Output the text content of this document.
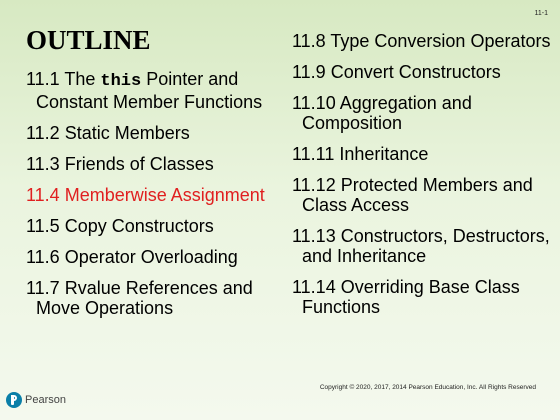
11-1
OUTLINE
11.1 The this Pointer and Constant Member Functions
11.2 Static Members
11.3 Friends of Classes
11.4 Memberwise Assignment
11.5 Copy Constructors
11.6 Operator Overloading
11.7 Rvalue References and Move Operations
11.8 Type Conversion Operators
11.9 Convert Constructors
11.10 Aggregation and Composition
11.11 Inheritance
11.12 Protected Members and Class Access
11.13 Constructors, Destructors, and Inheritance
11.14 Overriding Base Class Functions
Pearson
Copyright © 2020, 2017, 2014 Pearson Education, Inc. All Rights Reserved
